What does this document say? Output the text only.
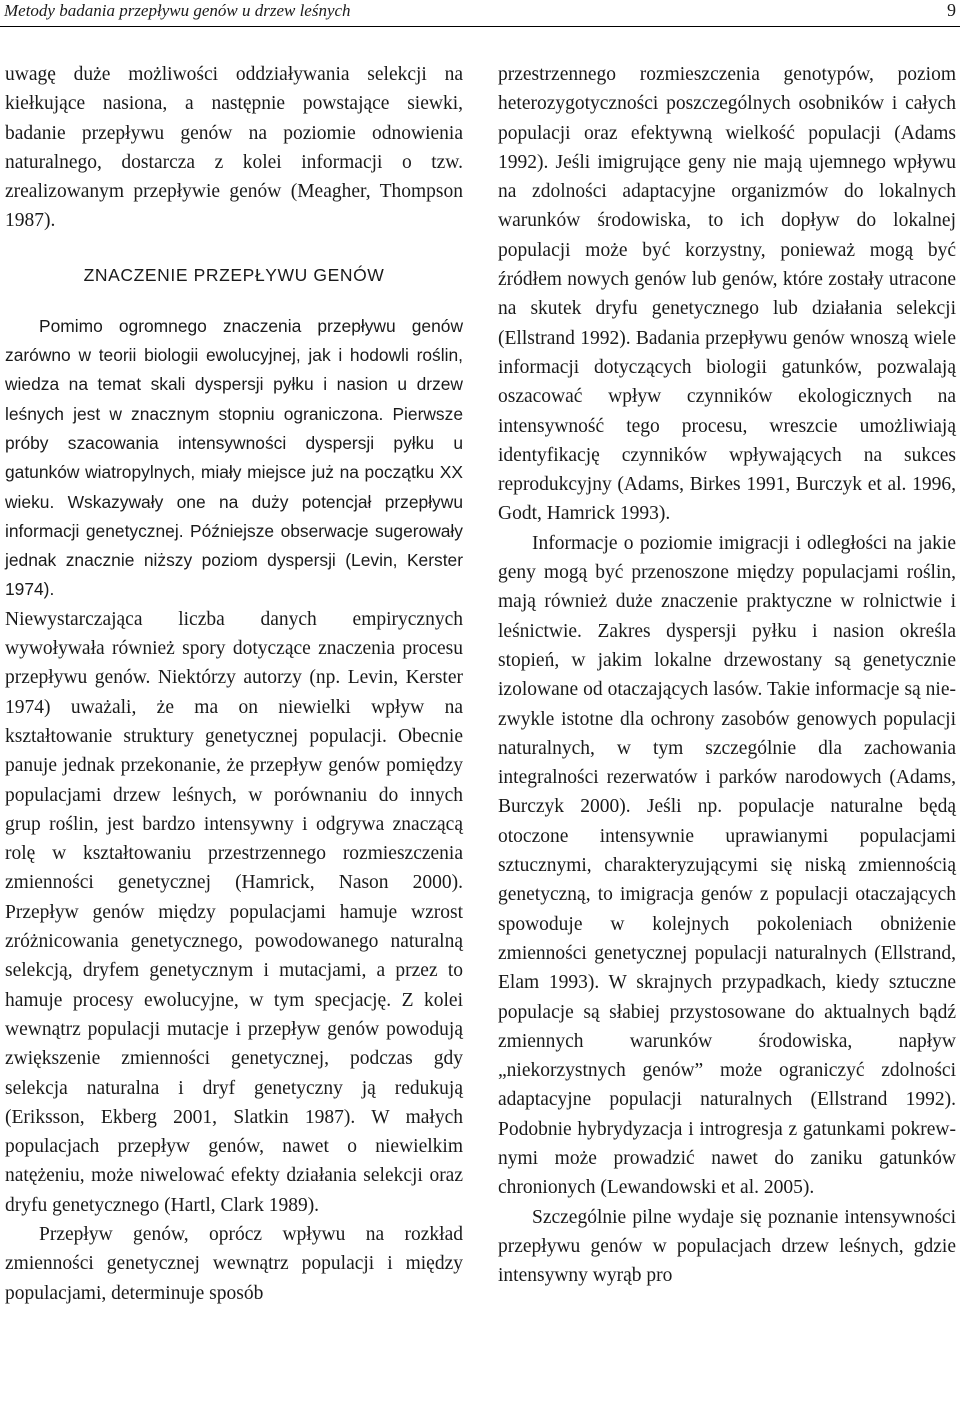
Metody badania przepływu genów u drzew leśnych	9

uwagę duże możliwości oddziaływania selekcji na kiełkujące nasiona, a następnie powstające siewki, badanie przepływu genów na poziomie odnowienia naturalnego, dostarcza z kolei informacji o tzw. zrealizowanym przepływie genów (Meagher, Thompson 1987).

ZNACZENIE PRZEPŁYWU GENÓW

Pomimo ogromnego znaczenia przepływu genów zarówno w teorii biologii ewolucyjnej, jak i hodowli roślin, wiedza na temat skali dyspersji pyłku i nasion u drzew leśnych jest w znacznym stopniu ograniczona. Pierwsze próby szacowania intensywności dyspersji pyłku u gatunków wiatropylnych, miały miejsce już na początku XX wieku. Wskazywały one na duży potencjał przepływu informacji genetycznej. Późniejsze obserwacje sugerowały jednak znacznie niższy poziom dyspersji (Levin, Kerster 1974).

Niewystarczająca liczba danych empirycznych wywoływała również spory dotyczące znaczenia procesu przepływu genów. Niektórzy autorzy (np. Levin, Kerster 1974) uważali, że ma on niewielki wpływ na kształtowanie struktury genetycznej populacji. Obecnie panuje jednak przekonanie, że przepływ genów pomiędzy populacjami drzew leśnych, w porównaniu do innych grup roślin, jest bardzo intensywny i odgrywa znaczącą rolę w kształtowaniu przestrzennego rozmieszczenia zmienności genetycznej (Hamrick, Nason 2000). Przepływ genów między populacjami hamuje wzrost zróżnicowania genetycznego, powodowanego naturalną selekcją, dryfem genetycznym i mutacjami, a przez to hamuje procesy ewolucyjne, w tym specjację. Z kolei wewnątrz populacji mutacje i przepływ genów powodują zwiększenie zmienności genetycznej, podczas gdy selekcja naturalna i dryf genetyczny ją redukują (Eriksson, Ekberg 2001, Slatkin 1987). W małych populacjach przepływ genów, nawet o niewielkim natężeniu, może niwelować efekty działania selekcji oraz dryfu genetycznego (Hartl, Clark 1989).

Przepływ genów, oprócz wpływu na rozkład zmienności genetycznej wewnątrz populacji i między populacjami, determinuje sposób

przestrzennego rozmieszczenia genotypów, poziom heterozygotyczności poszczególnych osobników i całych populacji oraz efektywną wielkość populacji (Adams 1992). Jeśli imigrujące geny nie mają ujemnego wpływu na zdolności adaptacyjne organizmów do lokalnych warunków środowiska, to ich dopływ do lokalnej populacji może być korzystny, ponieważ mogą być źródłem nowych genów lub genów, które zostały utracone na skutek dryfu genetycznego lub działania selekcji (Ellstrand 1992). Badania przepływu genów wnoszą wiele informacji dotyczących biologii gatunków, pozwalają oszacować wpływ czynników ekologicznych na intensywność tego procesu, wreszcie umożliwiają identyfikację czynników wpływających na sukces reprodukcyjny (Adams, Birkes 1991, Burczyk et al. 1996, Godt, Hamrick 1993).

Informacje o poziomie imigracji i odległości na jakie geny mogą być przenoszone między populacjami roślin, mają również duże znaczenie praktyczne w rolnictwie i leśnictwie. Zakres dyspersji pyłku i nasion określa stopień, w jakim lokalne drzewostany są genetycznie izolowane od otaczających lasów. Takie informacje są niezwykle istotne dla ochrony zasobów genowych populacji naturalnych, w tym szczególnie dla zachowania integralności rezerwatów i parków narodowych (Adams, Burczyk 2000). Jeśli np. populacje naturalne będą otoczone intensywnie uprawianymi populacjami sztucznymi, charakteryzującymi się niską zmiennością genetyczną, to imigracja genów z populacji otaczających spowoduje w kolejnych pokoleniach obniżenie zmienności genetycznej populacji naturalnych (Ellstrand, Elam 1993). W skrajnych przypadkach, kiedy sztuczne populacje są słabiej przystosowane do aktualnych bądź zmiennych warunków środowiska, napływ „niekorzystnych genów” może ograniczyć zdolności adaptacyjne populacji naturalnych (Ellstrand 1992). Podobnie hybrydyzacja i introgresja z gatunkami pokrewnymi może prowadzić nawet do zaniku gatunków chronionych (Lewandowski et al. 2005).

Szczególnie pilne wydaje się poznanie intensywności przepływu genów w populacjach drzew leśnych, gdzie intensywny wyrąb pro
